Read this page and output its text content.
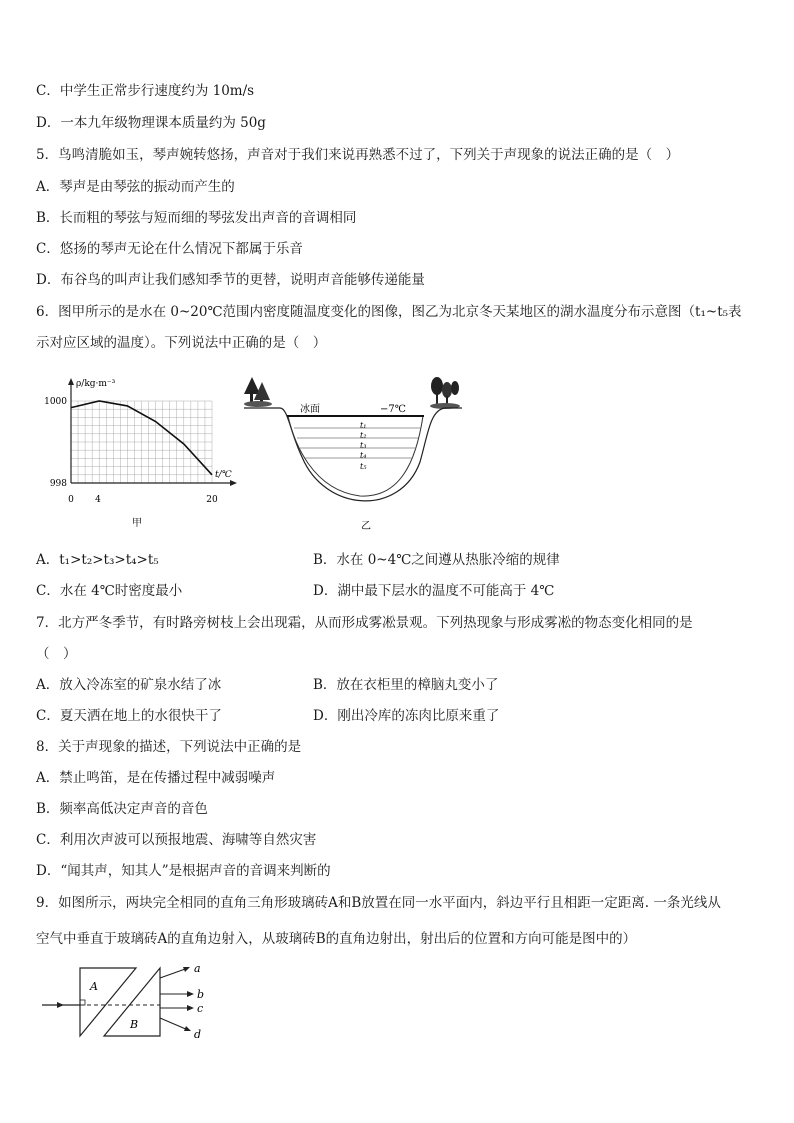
C．中学生正常步行速度约为 10m/s
D．一本九年级物理课本质量约为 50g
5．鸟鸣清脆如玉，琴声婉转悠扬，声音对于我们来说再熟悉不过了，下列关于声现象的说法正确的是（　）
A．琴声是由琴弦的振动而产生的
B．长而粗的琴弦与短而细的琴弦发出声音的音调相同
C．悠扬的琴声无论在什么情况下都属于乐音
D．布谷鸟的叫声让我们感知季节的更替，说明声音能够传递能量
6．图甲所示的是水在 0~20℃范围内密度随温度变化的图像，图乙为北京冬天某地区的湖水温度分布示意图（t₁~t₅表
示对应区域的温度）。下列说法中正确的是（　）
ρ/kg·m⁻³
t/℃
1000
998
0 4	20
甲
冰面	−7℃
t₁
t₂
t₃
t₄
t₅
乙
A．t₁>t₂>t₃>t₄>t₅	B．水在 0~4℃之间遵从热胀冷缩的规律
C．水在 4℃时密度最小	D．湖中最下层水的温度不可能高于 4℃
7．北方严冬季节，有时路旁树枝上会出现霜，从而形成雾凇景观。下列热现象与形成雾凇的物态变化相同的是
（　）
A．放入冷冻室的矿泉水结了冰	B．放在衣柜里的樟脑丸变小了
C．夏天洒在地上的水很快干了	D．刚出冷库的冻肉比原来重了
8．关于声现象的描述，下列说法中正确的是
A．禁止鸣笛，是在传播过程中减弱噪声
B．频率高低决定声音的音色
C．利用次声波可以预报地震、海啸等自然灾害
D．“闻其声，知其人”是根据声音的音调来判断的
9．如图所示，两块完全相同的直角三角形玻璃砖A和B放置在同一水平面内，斜边平行且相距一定距离. 一条光线从
空气中垂直于玻璃砖A的直角边射入，从玻璃砖B的直角边射出，射出后的位置和方向可能是图中的）
A
B
a
b
c
d
